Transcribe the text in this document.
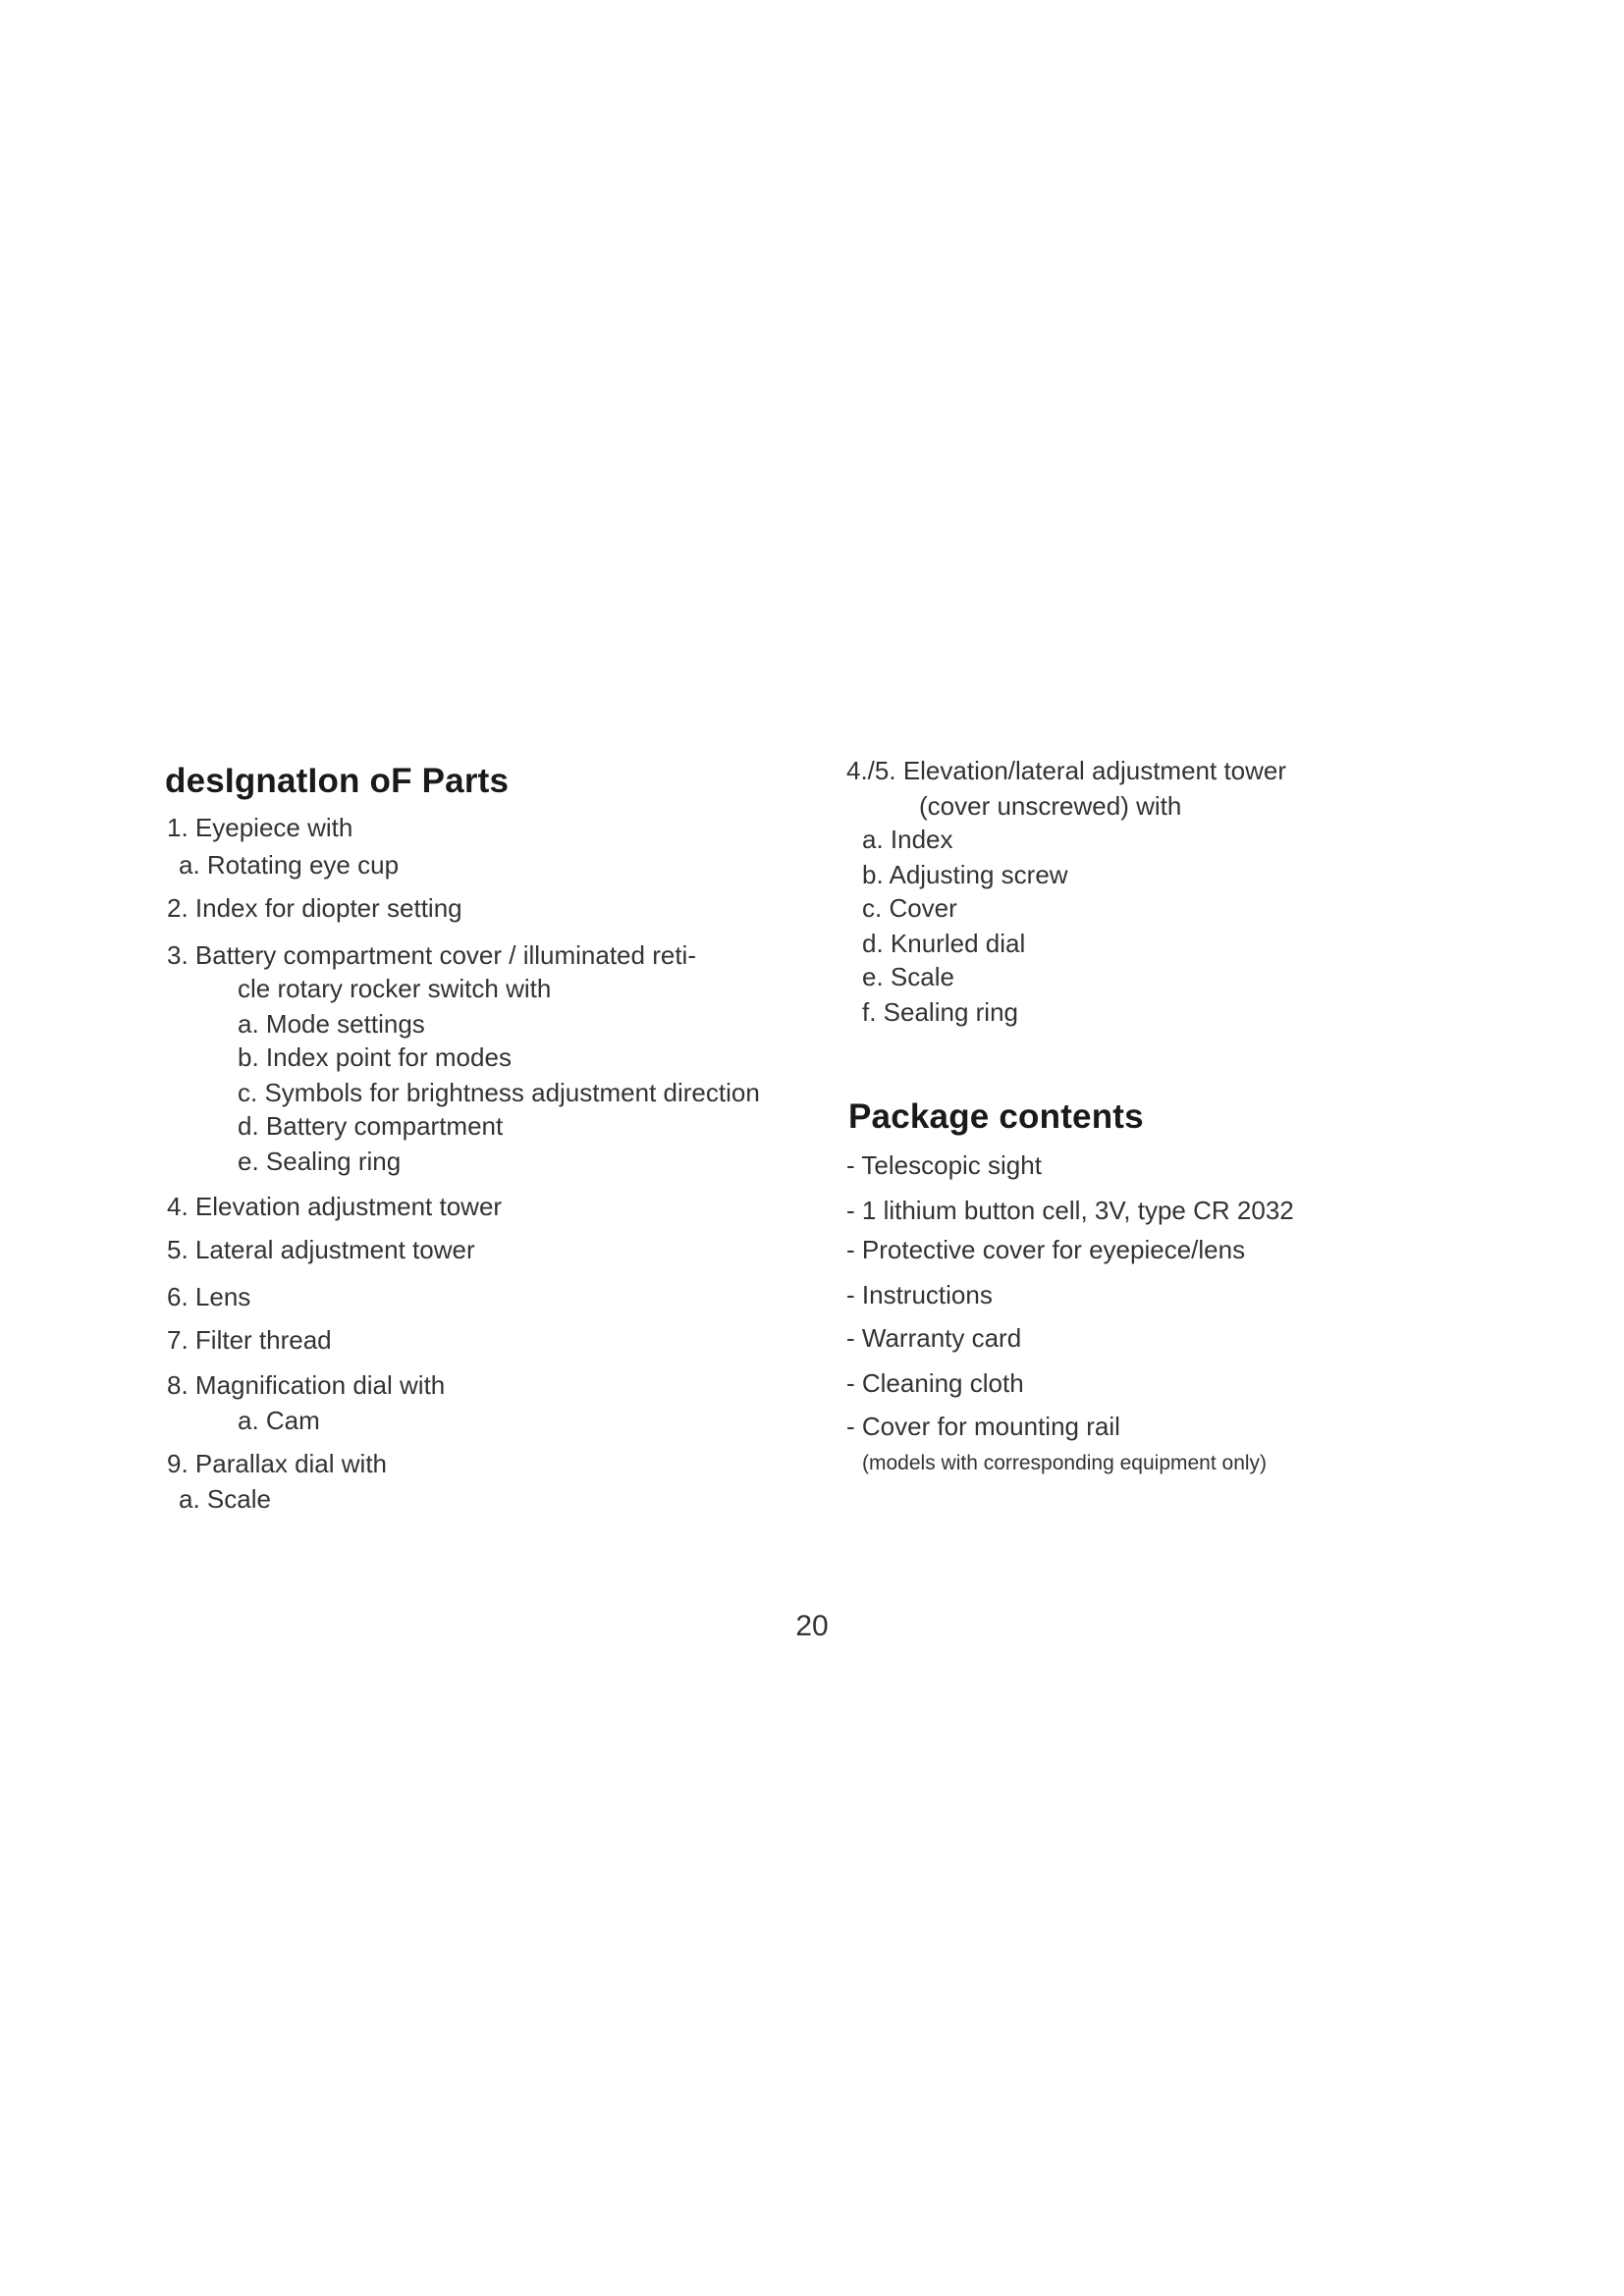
desIgnatIon oF Parts
1. Eyepiece with
a. Rotating eye cup
2. Index for diopter setting
3. Battery compartment cover / illuminated reti-
cle rotary rocker switch with
a. Mode settings
b. Index point for modes
c. Symbols for brightness adjustment direction
d. Battery compartment
e. Sealing ring
4. Elevation adjustment tower
5. Lateral adjustment tower
6. Lens
7. Filter thread
8. Magnification dial with
a. Cam
9. Parallax dial with
a. Scale
4./5. Elevation/lateral adjustment tower
(cover unscrewed) with
a. Index
b. Adjusting screw
c. Cover
d. Knurled dial
e. Scale
f. Sealing ring
Package contents
- Telescopic sight
- 1 lithium button cell, 3V, type CR 2032
- Protective cover for eyepiece/lens
- Instructions
- Warranty card
- Cleaning cloth
- Cover for mounting rail
(models with corresponding equipment only)
20
